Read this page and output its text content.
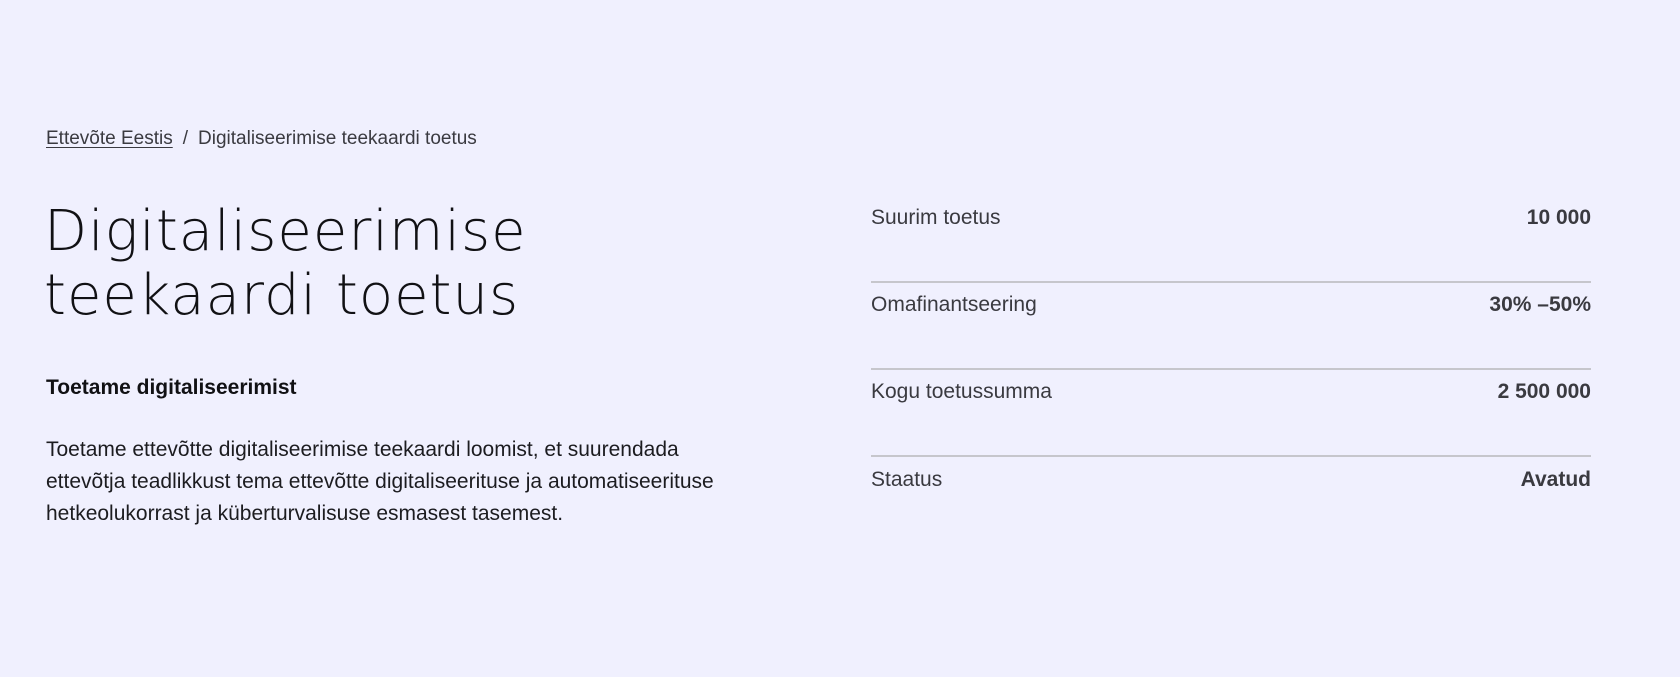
Ettevõte Eestis / Digitaliseerimise teekaardi toetus
Digitaliseerimise
teekaardi toetus
Toetame digitaliseerimist

Toetame ettevõtte digitaliseerimise teekaardi loomist, et suurendada ettevõtja teadlikkust tema ettevõtte digitaliseerituse ja automatiseerituse hetkeolukorrast ja küberturvalisuse esmasest tasemest.

Suurim toetus	10 000
Omafinantseering	30% –50%
Kogu toetussumma	2 500 000
Staatus	Avatud
